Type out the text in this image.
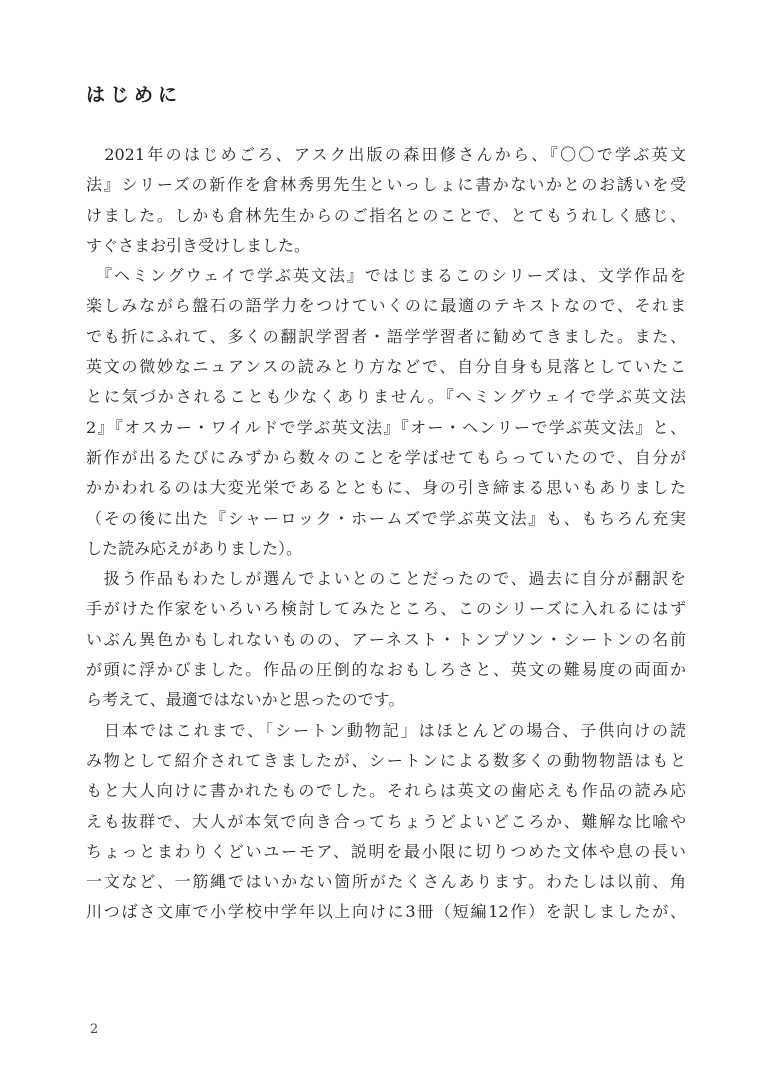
はじめに
　2021年のはじめごろ、アスク出版の森田修さんから、『〇〇で学ぶ英文
法』シリーズの新作を倉林秀男先生といっしょに書かないかとのお誘いを受
けました。しかも倉林先生からのご指名とのことで、とてもうれしく感じ、
すぐさまお引き受けしました。
　『ヘミングウェイで学ぶ英文法』ではじまるこのシリーズは、文学作品を
楽しみながら盤石の語学力をつけていくのに最適のテキストなので、それま
でも折にふれて、多くの翻訳学習者・語学学習者に勧めてきました。また、
英文の微妙なニュアンスの読みとり方などで、自分自身も見落としていたこ
とに気づかされることも少なくありません。『ヘミングウェイで学ぶ英文法
2』『オスカー・ワイルドで学ぶ英文法』『オー・ヘンリーで学ぶ英文法』と、
新作が出るたびにみずから数々のことを学ばせてもらっていたので、自分が
かかわれるのは大変光栄であるとともに、身の引き締まる思いもありました
（その後に出た『シャーロック・ホームズで学ぶ英文法』も、もちろん充実
した読み応えがありました）。
　扱う作品もわたしが選んでよいとのことだったので、過去に自分が翻訳を
手がけた作家をいろいろ検討してみたところ、このシリーズに入れるにはず
いぶん異色かもしれないものの、アーネスト・トンプソン・シートンの名前
が頭に浮かびました。作品の圧倒的なおもしろさと、英文の難易度の両面か
ら考えて、最適ではないかと思ったのです。
　日本ではこれまで、「シートン動物記」はほとんどの場合、子供向けの読
み物として紹介されてきましたが、シートンによる数多くの動物物語はもと
もと大人向けに書かれたものでした。それらは英文の歯応えも作品の読み応
えも抜群で、大人が本気で向き合ってちょうどよいどころか、難解な比喩や
ちょっとまわりくどいユーモア、説明を最小限に切りつめた文体や息の長い
一文など、一筋縄ではいかない箇所がたくさんあります。わたしは以前、角
川つばさ文庫で小学校中学年以上向けに3冊（短編12作）を訳しましたが、
2
